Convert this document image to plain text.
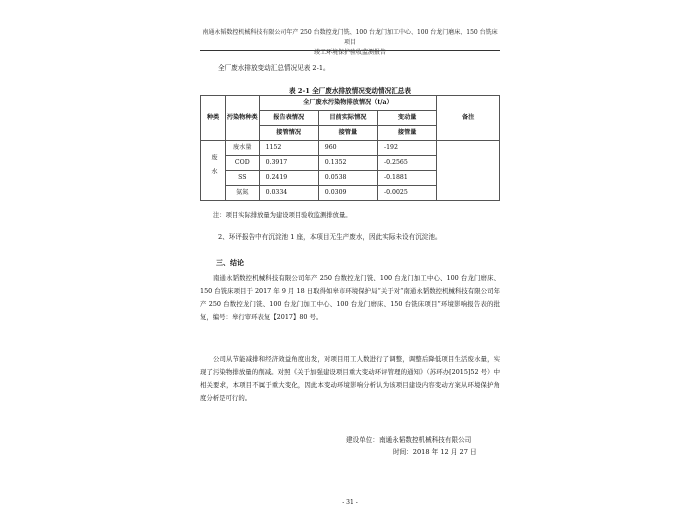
南通永韬数控机械科技有限公司年产 250 台数控龙门铣、100 台龙门加工中心、100 台龙门磨床、150 台铣床项目
竣工环境保护验收监测报告
全厂废水排放变动汇总情况见表 2-1。
表 2-1 全厂废水排放情况变动情况汇总表
种类	污染物种类	全厂废水污染物排放情况（t/a）			备注
		报告表情况	目前实际情况	变动量	
		接管情况	接管量	接管量	
废水	废水量	1152	960	-192	
	COD	0.3917	0.1352	-0.2565	
	SS	0.2419	0.0538	-0.1881	
	氨氮	0.0334	0.0309	-0.0025	
注：项目实际排放量为建设项目验收监测排放量。
2、环评报告中有沉淀池 1 座，本项目无生产废水，因此实际未设有沉淀池。
三、结论
南通永韬数控机械科技有限公司年产 250 台数控龙门铣、100 台龙门加工中心、100 台龙门磨床、150 台铣床项目于 2017 年 9 月 18 日取得如皋市环境保护局“关于对“南通永韬数控机械科技有限公司年产 250 台数控龙门铣、100 台龙门加工中心、100 台龙门磨床、150 台铣床项目”环境影响报告表的批复，编号：皋行审环表复【2017】80 号。
公司从节能减排和经济效益角度出发，对项目用工人数进行了调整，调整后降低项目生活废水量，实现了污染物排放量的削减。对照《关于加强建设项目重大变动环评管理的通知》（苏环办[2015]52 号）中相关要求，本项目不属于重大变化，因此本变动环境影响分析认为该项目建设内容变动方案从环境保护角度分析是可行的。
建设单位：南通永韬数控机械科技有限公司
时间：2018 年 12 月 27 日
- 31 -
